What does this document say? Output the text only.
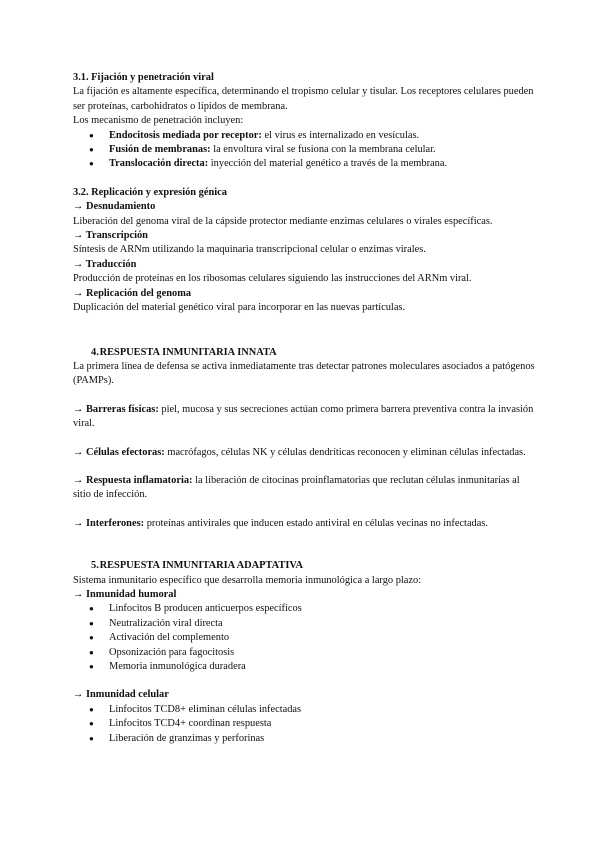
3.1. Fijación y penetración viral

La fijación es altamente específica, determinando el tropismo celular y tisular. Los receptores celulares pueden ser proteínas, carbohidratos o lípidos de membrana.

Los mecanismo de penetración incluyen:

● Endocitosis mediada por receptor: el virus es internalizado en vesículas.
● Fusión de membranas: la envoltura viral se fusiona con la membrana celular.
● Translocación directa: inyección del material genético a través de la membrana.

3.2. Replicación y expresión génica

→ Desnudamiento

Liberación del genoma viral de la cápside protector mediante enzimas celulares o virales específicas.

→ Transcripción

Síntesis de ARNm utilizando la maquinaria transcripcional celular o enzimas virales.

→ Traducción

Producción de proteínas en los ribosomas celulares siguiendo las instrucciones del ARNm viral.

→ Replicación del genoma

Duplicación del material genético viral para incorporar en las nuevas partículas.

4. RESPUESTA INMUNITARIA INNATA

La primera línea de defensa se activa inmediatamente tras detectar patrones moleculares asociados a patógenos (PAMPs).

→ Barreras físicas: piel, mucosa y sus secreciones actúan como primera barrera preventiva contra la invasión viral.

→ Células efectoras: macrófagos, células NK y células dendríticas reconocen y eliminan células infectadas.

→ Respuesta inflamatoria: la liberación de citocinas proinflamatorias que reclutan células inmunitarias al sitio de infección.

→ Interferones: proteínas antivirales que inducen estado antiviral en células vecinas no infectadas.

5. RESPUESTA INMUNITARIA ADAPTATIVA

Sistema inmunitario específico que desarrolla memoria inmunológica a largo plazo:

→ Inmunidad humoral

● Linfocitos B producen anticuerpos específicos
● Neutralización viral directa
● Activación del complemento
● Opsonización para fagocitosis
● Memoria inmunológica duradera

→ Inmunidad celular

● Linfocitos TCD8+ eliminan células infectadas
● Linfocitos TCD4+ coordinan respuesta
● Liberación de granzimas y perforinas
